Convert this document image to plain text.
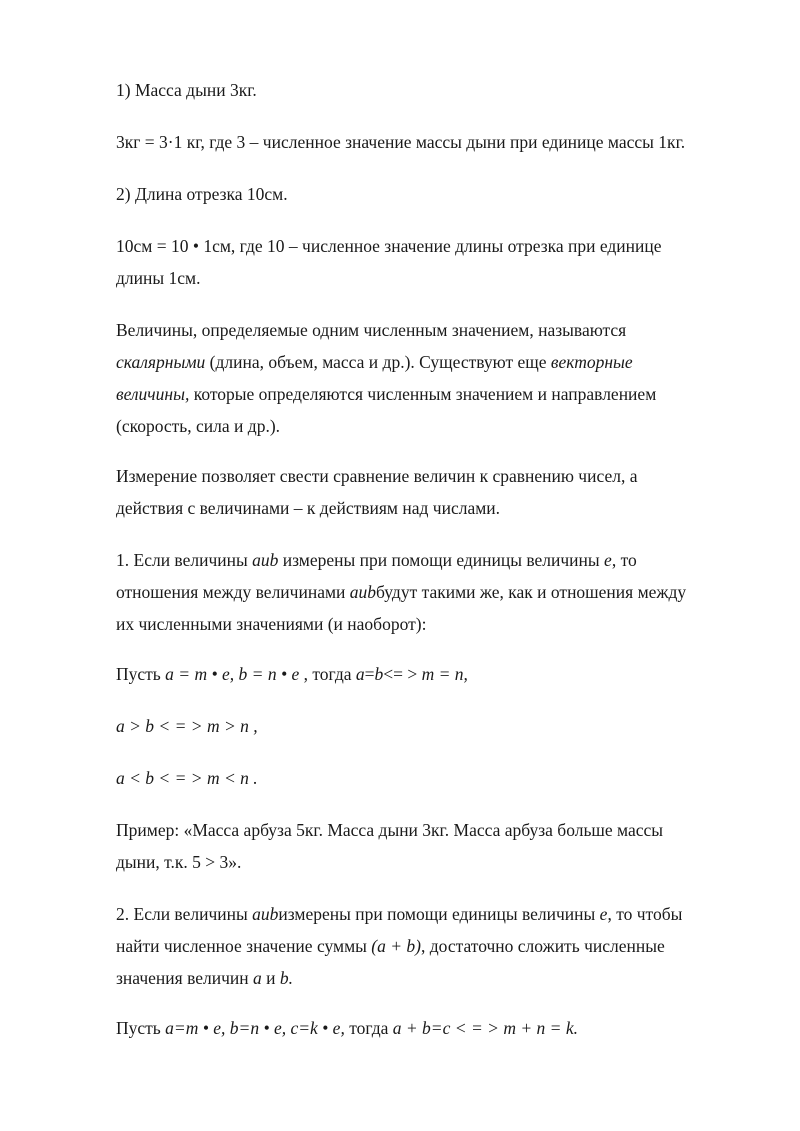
1) Масса дыни 3кг.

3кг = 3·1 кг, где 3 – численное значение массы дыни при единице массы 1кг.

2) Длина отрезка 10см.

10см = 10 • 1см, где 10 – численное значение длины отрезка при единице
длины 1см.

Величины, определяемые одним численным значением, называются
скалярными (длина, объем, масса и др.). Существуют еще векторные
величины, которые определяются численным значением и направлением
(скорость, сила и др.).

Измерение позволяет свести сравнение величин к сравнению чисел, а
действия с величинами – к действиям над числами.

1. Если величины aиb измерены при помощи единицы величины e, то
отношения между величинами aиbбудут такими же, как и отношения между
их численными значениями (и наоборот):

Пусть a = m • e, b = n • e , тогда a=b<= > m = n,

a > b < = > m > n ,

a < b < = > m < n .

Пример: «Масса арбуза 5кг. Масса дыни 3кг. Масса арбуза больше массы
дыни, т.к. 5 > 3».

2. Если величины aиbизмерены при помощи единицы величины e, то чтобы
найти численное значение суммы (a + b), достаточно сложить численные
значения величин a и b.

Пусть a=m • e, b=n • e, c=k • e, тогда a + b=c < = > m + n = k.
